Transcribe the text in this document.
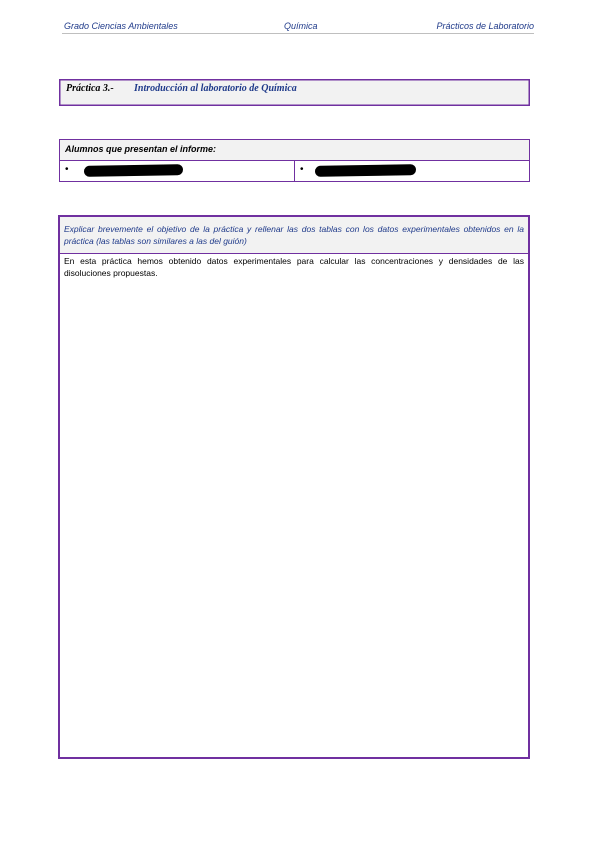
Grado Ciencias Ambientales	Química	Prácticos de Laboratorio
Práctica 3.- Introducción al laboratorio de Química
Alumnos que presentan el informe:
•	•

Explicar brevemente el objetivo de la práctica y rellenar las dos tablas con los datos experimentales obtenidos en la práctica (las tablas son similares a las del guión)

En esta práctica hemos obtenido datos experimentales para calcular las concentraciones y densidades de las disoluciones propuestas.
